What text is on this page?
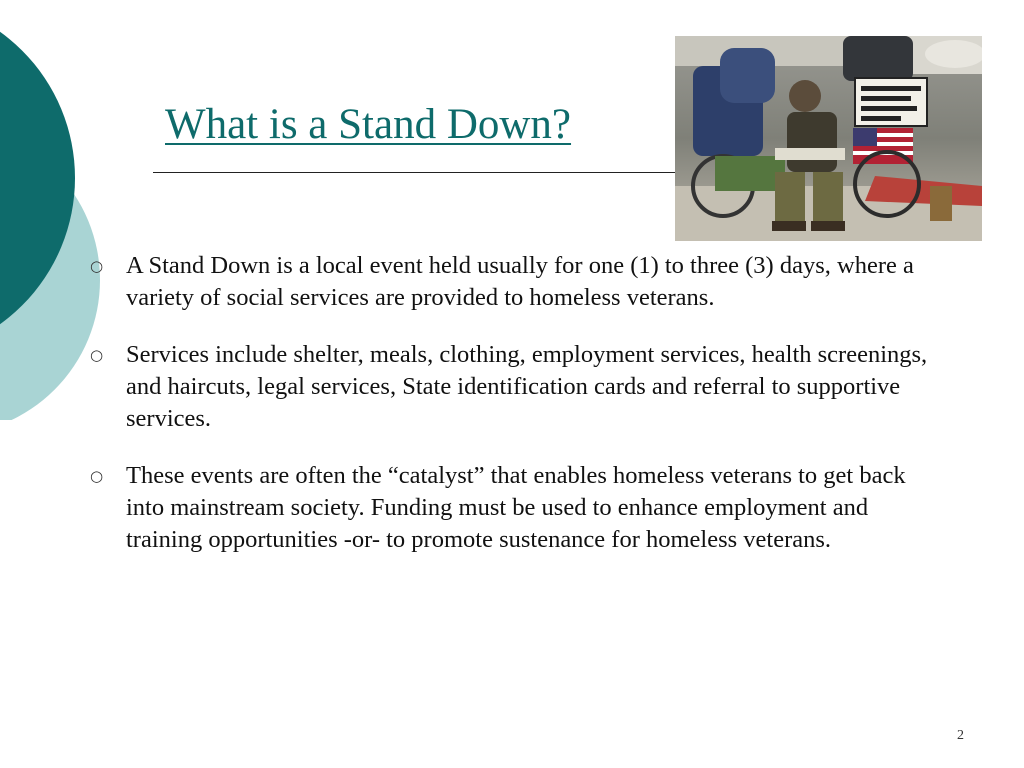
What is a Stand Down?
○ A Stand Down is a local event held usually for one (1) to three (3) days, where a variety of social services are provided to homeless veterans.
○ Services include shelter, meals, clothing, employment services, health screenings, and haircuts, legal services, State identification cards and referral to supportive services.
○ These events are often the “catalyst” that enables homeless veterans to get back into mainstream society. Funding must be used to enhance employment and training opportunities -or- to promote sustenance for homeless veterans.
2
